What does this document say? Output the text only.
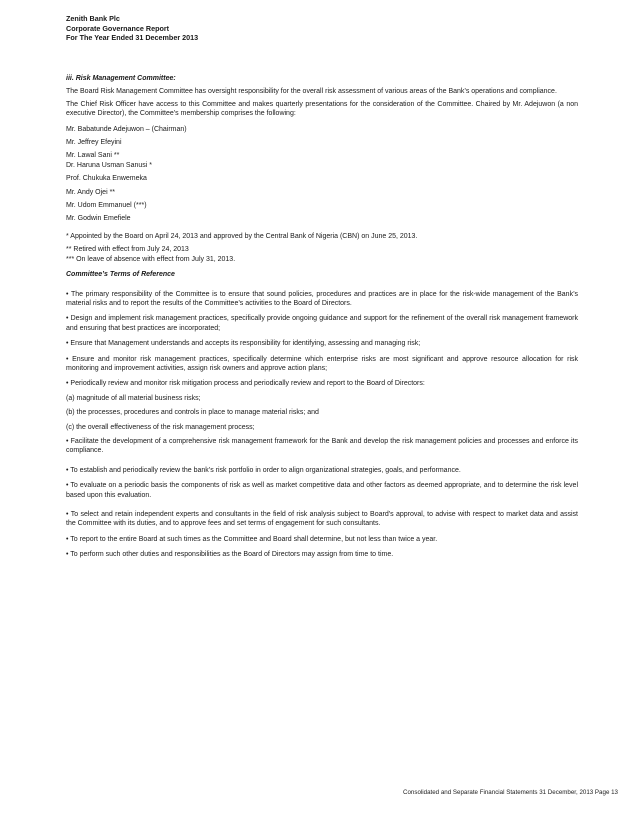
Zenith Bank Plc
Corporate Governance Report
For The Year Ended 31 December 2013

iii. Risk Management Committee:

The Board Risk Management Committee has oversight responsibility for the overall risk assessment of various areas of the Bank’s operations and compliance.

The Chief Risk Officer have access to this Committee and makes quarterly presentations for the consideration of the Committee. Chaired by Mr. Adejuwon (a non executive Director), the Committee’s membership comprises the following:

Mr. Babatunde Adejuwon – (Chairman)

Mr. Jeffrey Efeyini

Mr. Lawal Sani **

Dr. Haruna Usman Sanusi *

Prof. Chukuka Enwemeka

Mr. Andy Ojei **

Mr. Udom Emmanuel (***)

Mr. Godwin Emefiele

* Appointed by the Board on April 24, 2013 and approved by the Central Bank of Nigeria (CBN) on June 25, 2013.

** Retired with effect from July 24, 2013

*** On leave of absence with effect from July 31, 2013.

Committee’s Terms of Reference

• The primary responsibility of the Committee is to ensure that sound policies, procedures and practices are in place for the risk-wide management of the Bank’s material risks and to report the results of the Committee’s activities to the Board of Directors.

• Design and implement risk management practices, specifically provide ongoing guidance and support for the refinement of the overall risk management framework and ensuring that best practices are incorporated;

• Ensure that Management understands and accepts its responsibility for identifying, assessing and managing risk;

• Ensure and monitor risk management practices, specifically determine which enterprise risks are most significant and approve resource allocation for risk monitoring and improvement activities, assign risk owners and approve action plans;

• Periodically review and monitor risk mitigation process and periodically review and report to the Board of Directors:

(a) magnitude of all material business risks;

(b) the processes, procedures and controls in place to manage material risks; and

(c) the overall effectiveness of the risk management process;

• Facilitate the development of a comprehensive risk management framework for the Bank and develop the risk management policies and processes and enforce its compliance.

• To establish and periodically review the bank’s risk portfolio in order to align organizational strategies, goals, and performance.

• To evaluate on a periodic basis the components of risk as well as market competitive data and other factors as deemed appropriate, and to determine the risk level based upon this evaluation.

• To select and retain independent experts and consultants in the field of risk analysis subject to Board’s approval, to advise with respect to market data and assist the Committee with its duties, and to approve fees and set terms of engagement for such consultants.

• To report to the entire Board at such times as the Committee and Board shall determine, but not less than twice a year.

• To perform such other duties and responsibilities as the Board of Directors may assign from time to time.

Consolidated and Separate Financial Statements 31 December, 2013 Page 13
